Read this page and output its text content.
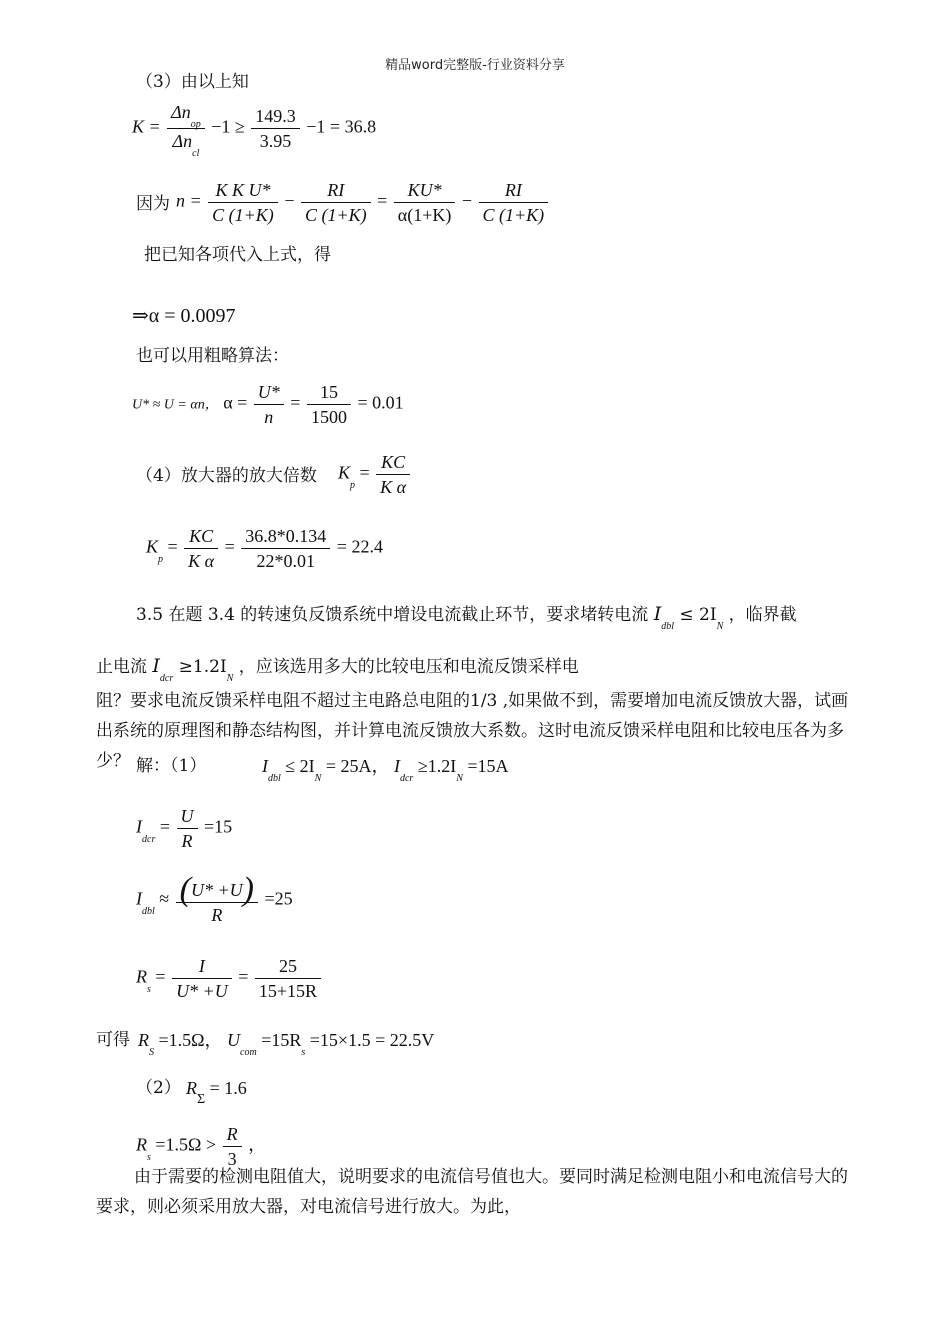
精品word完整版-行业资料分享
（3）由以上知
$K = \frac{\Delta n_{op}}{\Delta n_{cl}} -1 \ge \frac{149.3}{3.95} -1 = 36.8$
因为 $n = \frac{\text{K K U*}}{C (1+K)} - \frac{RI}{C (1+K)} = \frac{KU*}{\alpha(1+K)} - \frac{RI}{C (1+K)}$
把已知各项代入上式，得
⇒α = 0.0097
也可以用粗略算法：
U* ≈ U = αn， $\alpha = \frac{U*}{n} = \frac{15}{1500} = 0.01$
（4）放大器的放大倍数 $K_p = \frac{KC}{\text{K α}}$
$K_p = \frac{KC}{\text{K α}} = \frac{36.8*0.134}{22*0.01} = 22.4$
3.5 在题 3.4 的转速负反馈系统中增设电流截止环节，要求堵转电流 $I_{dbl} \le 2I_N$ ，临界截
止电流 $I_{dcr} \ge 1.2I_N$ ，应该选用多大的比较电压和电流反馈采样电
阻？要求电流反馈采样电阻不超过主电路总电阻的1/3 ,如果做不到，需要增加电流反馈放大器，试画出系统的原理图和静态结构图，并计算电流反馈放大系数。这时电流反馈采样电阻和比较电压各为多少？ 解：（1）	$I_{dbl} \le 2I_N = 25A$， $I_{dcr} \ge 1.2I_N =15A$
$I_{dcr} = \frac{U}{R} =15$
$I_{dbl} \approx \frac{(U* +U)}{R} =25$
$R_s = \frac{I}{U* +U} = \frac{25}{15+15R}$
可得 $R_S =1.5\Omega$， $U_{com} =15R_s =15\times 1.5 = 22.5V$
（2） $R_\Sigma = 1.6$
$R_s =1.5\Omega > \frac{R}{3}$ ，
由于需要的检测电阻值大，说明要求的电流信号值也大。要同时满足检测电阻小和电流信号大的要求，则必须采用放大器，对电流信号进行放大。为此，
